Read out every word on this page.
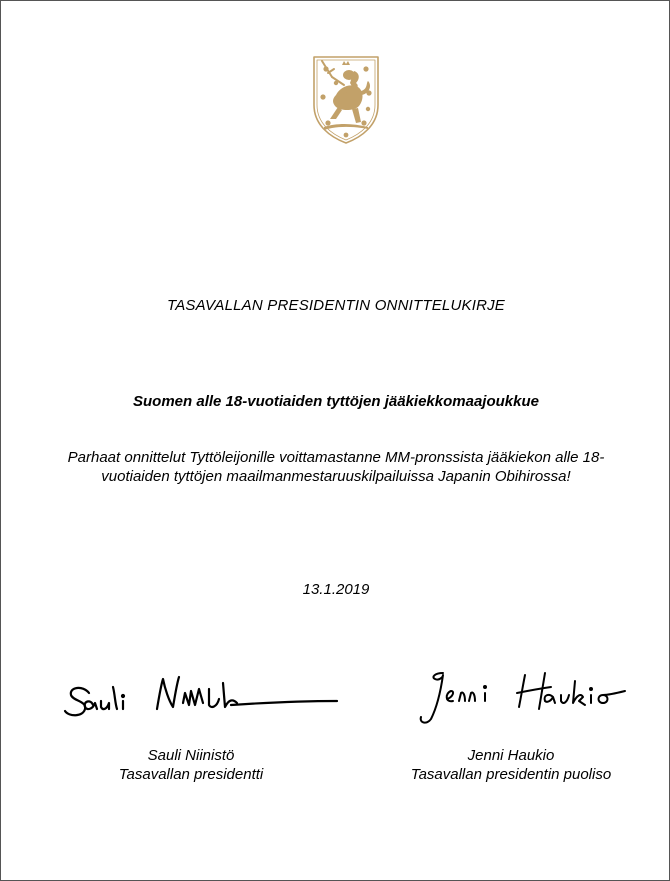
TASAVALLAN PRESIDENTIN ONNITTELUKIRJE
Suomen alle 18-vuotiaiden tyttöjen jääkiekkomaajoukkue
Parhaat onnittelut Tyttöleijonille voittamastanne MM-pronssista jääkiekon alle 18-
vuotiaiden tyttöjen maailmanmestaruuskilpailuissa Japanin Obihirossa!
13.1.2019
Sauli Niinistö
Tasavallan presidentti
Jenni Haukio
Tasavallan presidentin puoliso
